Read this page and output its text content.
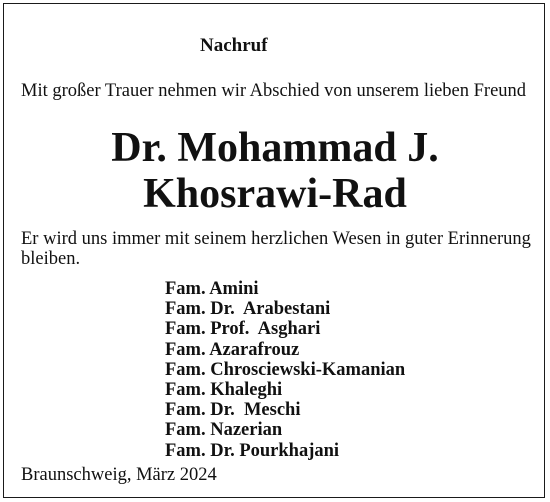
Nachruf
Mit großer Trauer nehmen wir Abschied von unserem lieben Freund
Dr. Mohammad J.
Khosrawi-Rad
Er wird uns immer mit seinem herzlichen Wesen in guter Erinnerung bleiben.
Fam. Amini
Fam. Dr.  Arabestani
Fam. Prof.  Asghari
Fam. Azarafrouz
Fam. Chrosciewski-Kamanian
Fam. Khaleghi
Fam. Dr.  Meschi
Fam. Nazerian
Fam. Dr. Pourkhajani
Braunschweig, März 2024
